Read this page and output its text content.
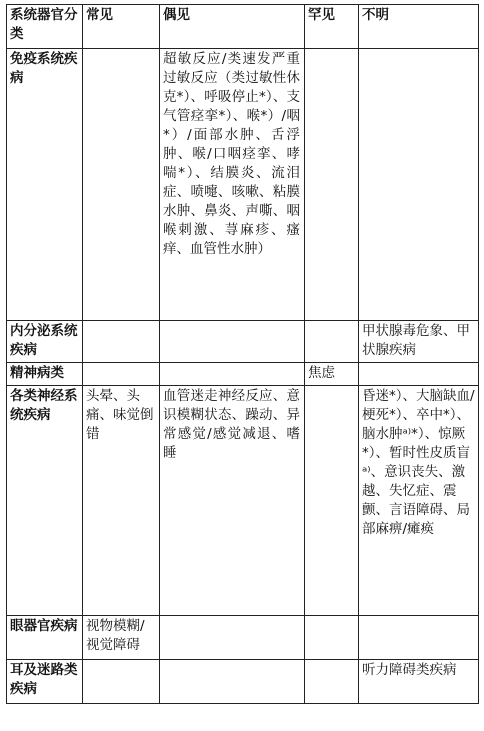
系统器官分类	常见	偶见	罕见	不明
免疫系统疾病		超敏反应/类速发严重过敏反应（类过敏性休克*）、呼吸停止*）、支气管痉挛*）、喉*）/咽*）/面部水肿、舌浮肿、喉/口咽痉挛、哮喘*）、结膜炎、流泪症、喷嚏、咳嗽、粘膜水肿、鼻炎、声嘶、咽喉刺激、荨麻疹、瘙痒、血管性水肿）		
内分泌系统疾病				甲状腺毒危象、甲状腺疾病
精神病类			焦虑	
各类神经系统疾病	头晕、头痛、味觉倒错	血管迷走神经反应、意识模糊状态、躁动、异常感觉/感觉减退、嗜睡		昏迷*）、大脑缺血/梗死*）、卒中*）、脑水肿ᵃ⁾*）、惊厥*）、暂时性皮质盲ᵃ⁾、意识丧失、激越、失忆症、震颤、言语障碍、局部麻痹/瘫痪
眼器官疾病	视物模糊/视觉障碍			
耳及迷路类疾病				听力障碍类疾病
